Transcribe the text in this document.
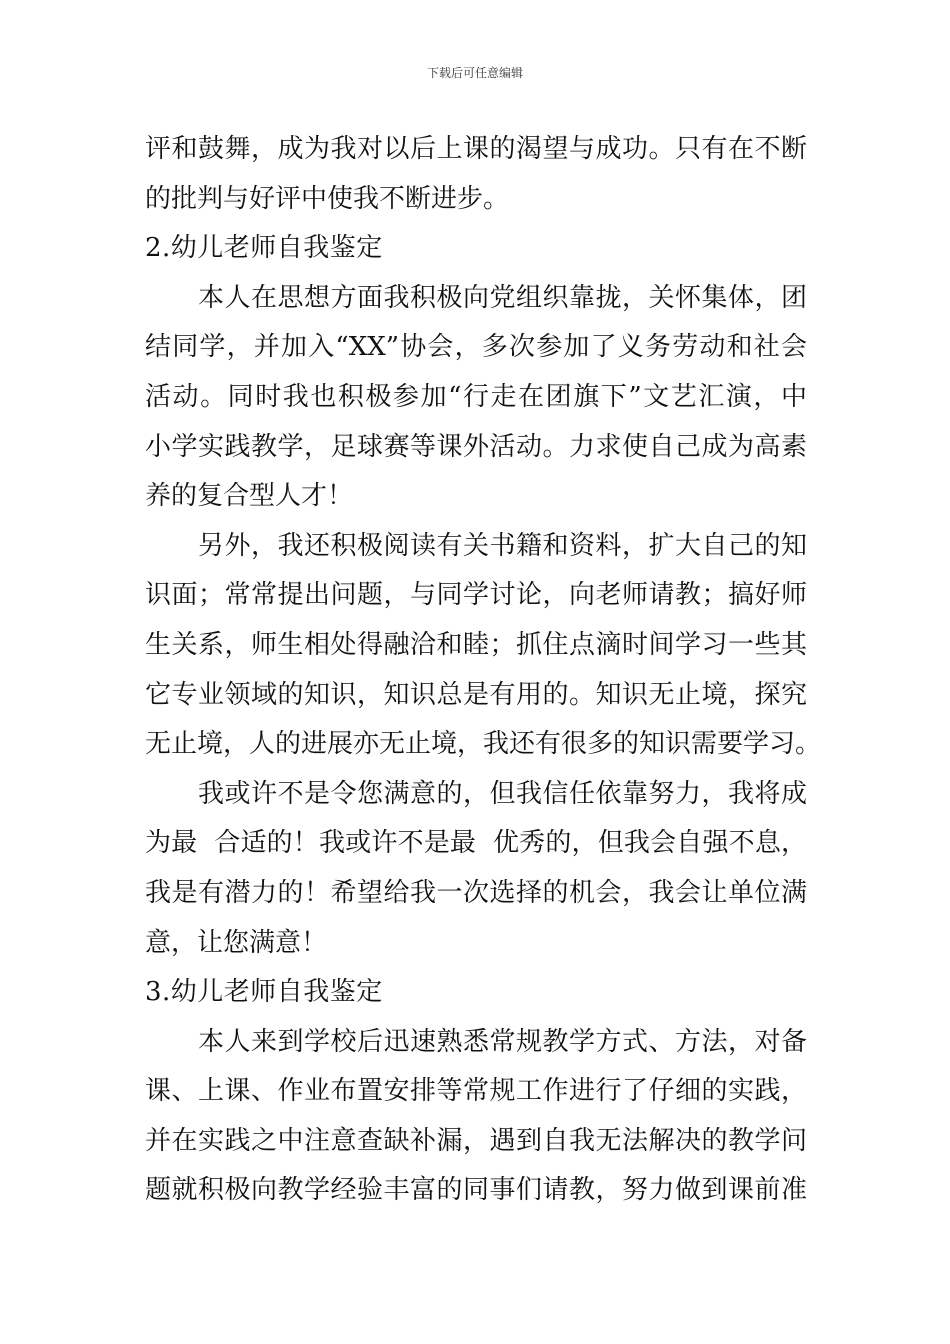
下载后可任意编辑
评和鼓舞，成为我对以后上课的渴望与成功。只有在不断
的批判与好评中使我不断进步。
2.幼儿老师自我鉴定
本人在思想方面我积极向党组织靠拢，关怀集体，团
结同学，并加入“XX”协会，多次参加了义务劳动和社会
活动。同时我也积极参加“行走在团旗下”文艺汇演，中
小学实践教学，足球赛等课外活动。力求使自己成为高素
养的复合型人才！
另外，我还积极阅读有关书籍和资料，扩大自己的知
识面；常常提出问题，与同学讨论，向老师请教；搞好师
生关系，师生相处得融洽和睦；抓住点滴时间学习一些其
它专业领域的知识，知识总是有用的。知识无止境，探究
无止境，人的进展亦无止境，我还有很多的知识需要学习。
我或许不是令您满意的，但我信任依靠努力，我将成
为最  合适的！我或许不是最  优秀的，但我会自强不息，
我是有潜力的！希望给我一次选择的机会，我会让单位满
意，让您满意！
3.幼儿老师自我鉴定
本人来到学校后迅速熟悉常规教学方式、方法，对备
课、上课、作业布置安排等常规工作进行了仔细的实践，
并在实践之中注意查缺补漏，遇到自我无法解决的教学问
题就积极向教学经验丰富的同事们请教，努力做到课前准
